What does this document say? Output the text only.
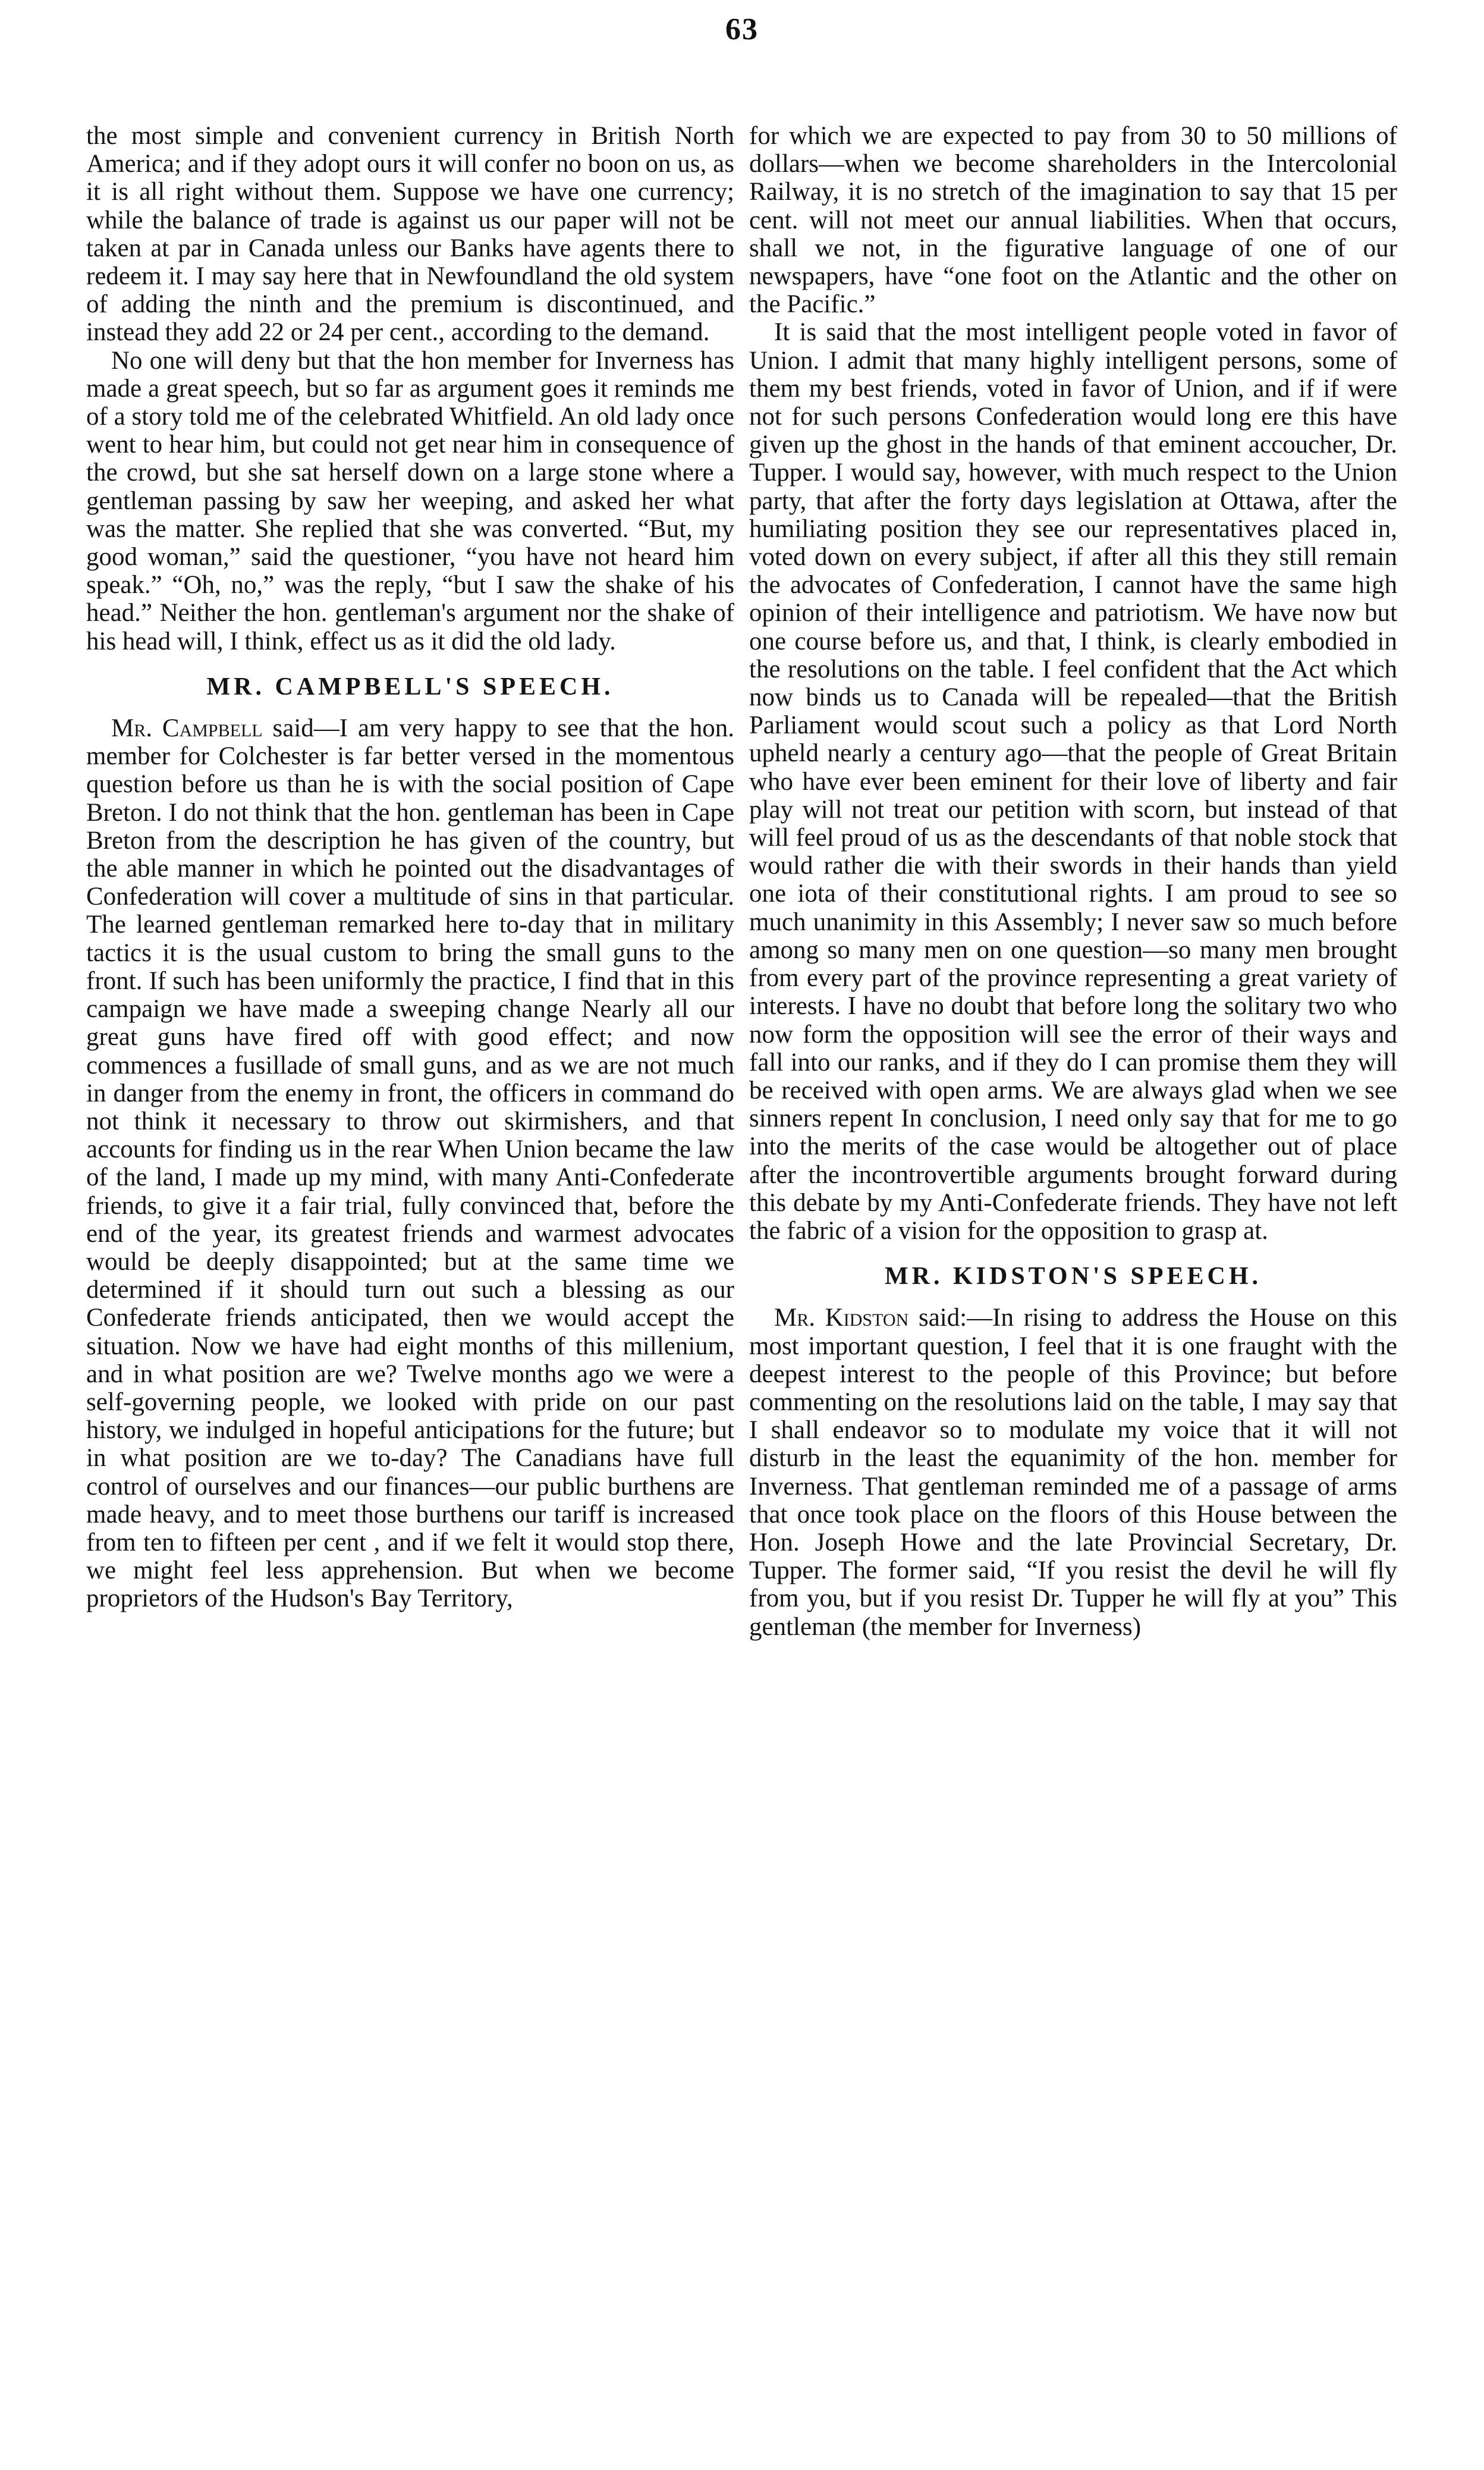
63

the most simple and convenient currency in British North America; and if they adopt ours it will confer no boon on us, as it is all right without them. Suppose we have one currency; while the balance of trade is against us our paper will not be taken at par in Canada unless our Banks have agents there to redeem it. I may say here that in Newfoundland the old system of adding the ninth and the premium is discontinued, and instead they add 22 or 24 per cent., according to the demand.

No one will deny but that the hon member for Inverness has made a great speech, but so far as argument goes it reminds me of a story told me of the celebrated Whitfield. An old lady once went to hear him, but could not get near him in consequence of the crowd, but she sat herself down on a large stone where a gentleman passing by saw her weeping, and asked her what was the matter. She replied that she was converted. “But, my good woman,” said the questioner, “you have not heard him speak.” “Oh, no,” was the reply, “but I saw the shake of his head.” Neither the hon. gentleman's argument nor the shake of his head will, I think, effect us as it did the old lady.

MR. CAMPBELL'S SPEECH.

Mr. Campbell said—I am very happy to see that the hon. member for Colchester is far better versed in the momentous question before us than he is with the social position of Cape Breton. I do not think that the hon. gentleman has been in Cape Breton from the description he has given of the country, but the able manner in which he pointed out the disadvantages of Confederation will cover a multitude of sins in that particular. The learned gentleman remarked here to-day that in military tactics it is the usual custom to bring the small guns to the front. If such has been uniformly the practice, I find that in this campaign we have made a sweeping change Nearly all our great guns have fired off with good effect; and now commences a fusillade of small guns, and as we are not much in danger from the enemy in front, the officers in command do not think it necessary to throw out skirmishers, and that accounts for finding us in the rear When Union became the law of the land, I made up my mind, with many Anti-Confederate friends, to give it a fair trial, fully convinced that, before the end of the year, its greatest friends and warmest advocates would be deeply disappointed; but at the same time we determined if it should turn out such a blessing as our Confederate friends anticipated, then we would accept the situation. Now we have had eight months of this millenium, and in what position are we? Twelve months ago we were a self-governing people, we looked with pride on our past history, we indulged in hopeful anticipations for the future; but in what position are we to-day? The Canadians have full control of ourselves and our finances—our public burthens are made heavy, and to meet those burthens our tariff is increased from ten to fifteen per cent , and if we felt it would stop there, we might feel less apprehension. But when we become proprietors of the Hudson's Bay Territory,

for which we are expected to pay from 30 to 50 millions of dollars—when we become shareholders in the Intercolonial Railway, it is no stretch of the imagination to say that 15 per cent. will not meet our annual liabilities. When that occurs, shall we not, in the figurative language of one of our newspapers, have “one foot on the Atlantic and the other on the Pacific.”

It is said that the most intelligent people voted in favor of Union. I admit that many highly intelligent persons, some of them my best friends, voted in favor of Union, and if if were not for such persons Confederation would long ere this have given up the ghost in the hands of that eminent accoucher, Dr. Tupper. I would say, however, with much respect to the Union party, that after the forty days legislation at Ottawa, after the humiliating position they see our representatives placed in, voted down on every subject, if after all this they still remain the advocates of Confederation, I cannot have the same high opinion of their intelligence and patriotism. We have now but one course before us, and that, I think, is clearly embodied in the resolutions on the table. I feel confident that the Act which now binds us to Canada will be repealed—that the British Parliament would scout such a policy as that Lord North upheld nearly a century ago—that the people of Great Britain who have ever been eminent for their love of liberty and fair play will not treat our petition with scorn, but instead of that will feel proud of us as the descendants of that noble stock that would rather die with their swords in their hands than yield one iota of their constitutional rights. I am proud to see so much unanimity in this Assembly; I never saw so much before among so many men on one question—so many men brought from every part of the province representing a great variety of interests. I have no doubt that before long the solitary two who now form the opposition will see the error of their ways and fall into our ranks, and if they do I can promise them they will be received with open arms. We are always glad when we see sinners repent In conclusion, I need only say that for me to go into the merits of the case would be altogether out of place after the incontrovertible arguments brought forward during this debate by my Anti-Confederate friends. They have not left the fabric of a vision for the opposition to grasp at.

MR. KIDSTON'S SPEECH.

Mr. Kidston said:—In rising to address the House on this most important question, I feel that it is one fraught with the deepest interest to the people of this Province; but before commenting on the resolutions laid on the table, I may say that I shall endeavor so to modulate my voice that it will not disturb in the least the equanimity of the hon. member for Inverness. That gentleman reminded me of a passage of arms that once took place on the floors of this House between the Hon. Joseph Howe and the late Provincial Secretary, Dr. Tupper. The former said, “If you resist the devil he will fly from you, but if you resist Dr. Tupper he will fly at you” This gentleman (the member for Inverness)
